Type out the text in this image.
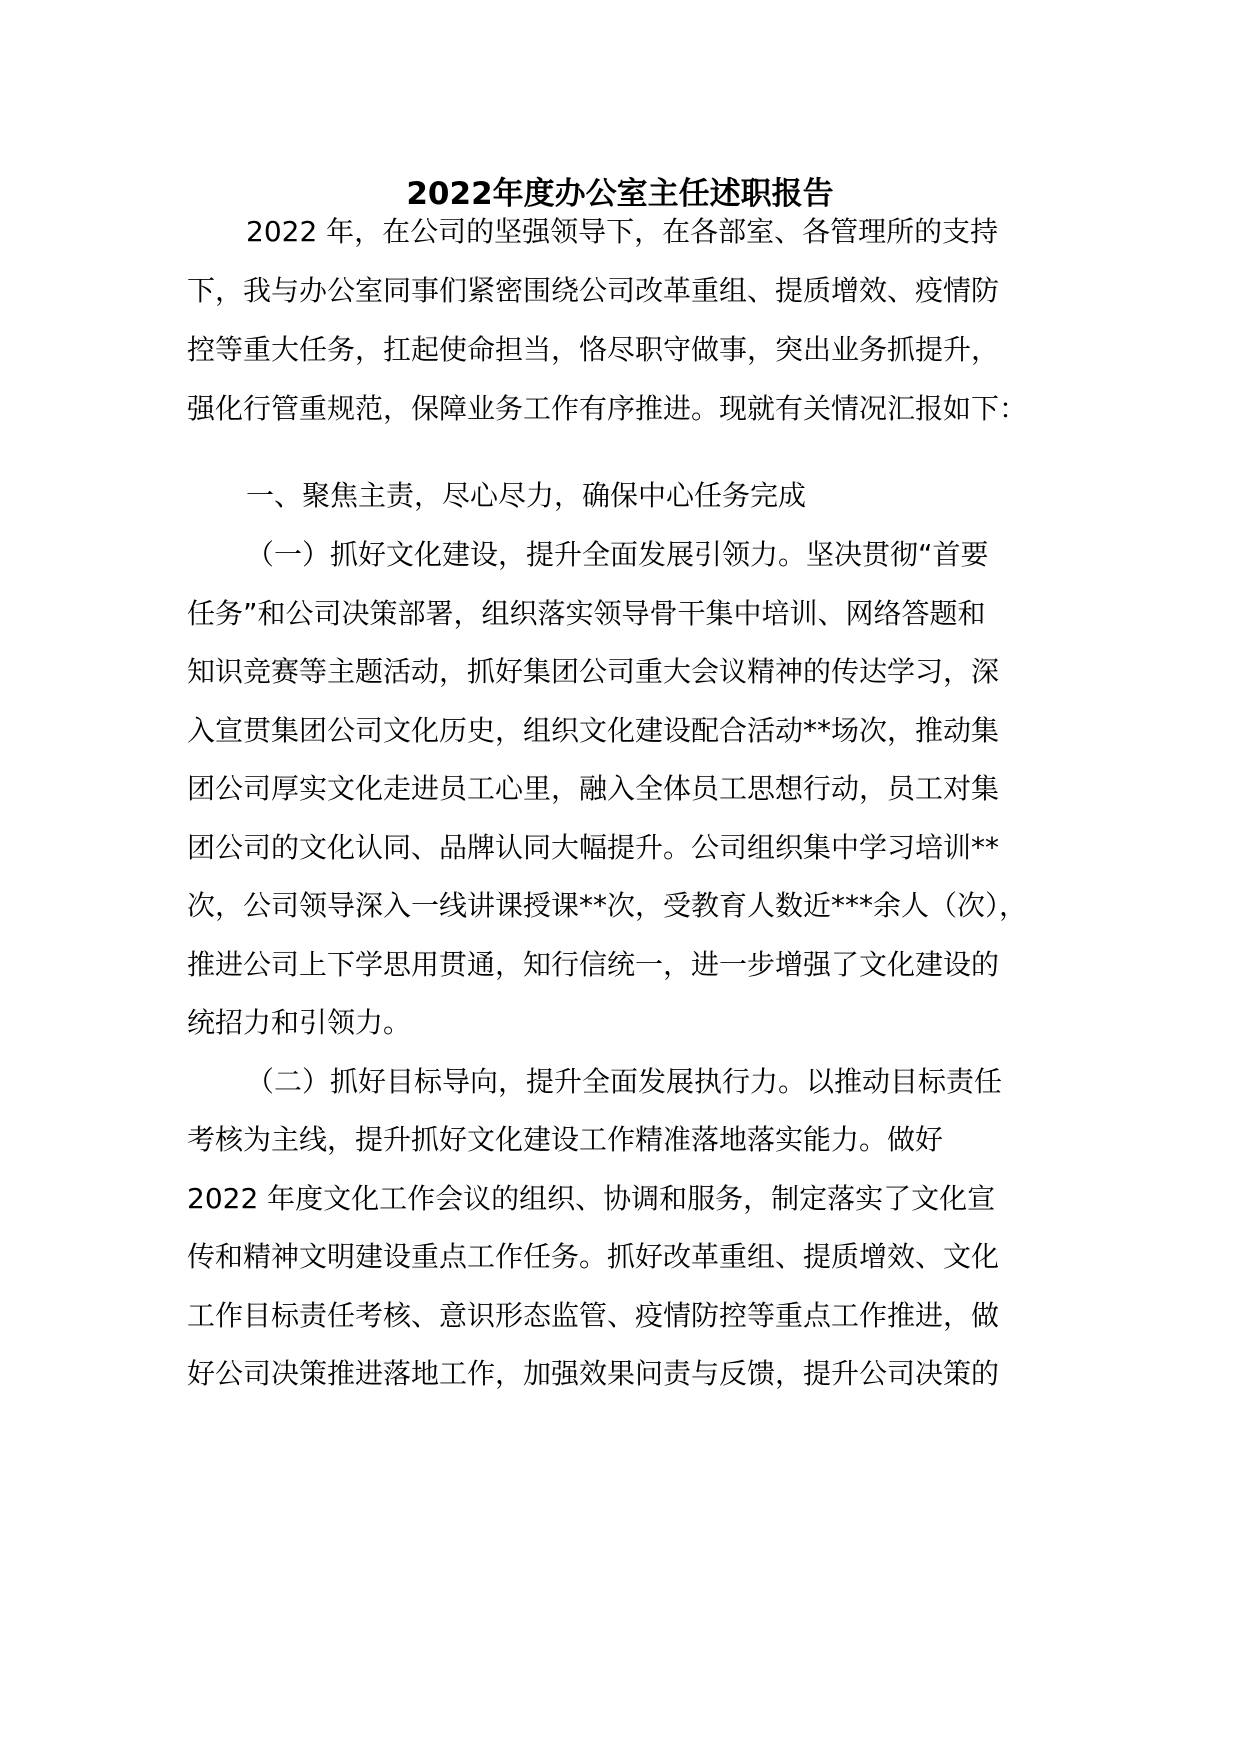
2022年度办公室主任述职报告

2022 年，在公司的坚强领导下，在各部室、各管理所的支持

下，我与办公室同事们紧密围绕公司改革重组、提质增效、疫情防

控等重大任务，扛起使命担当，恪尽职守做事，突出业务抓提升，

强化行管重规范，保障业务工作有序推进。现就有关情况汇报如下：

一、聚焦主责，尽心尽力，确保中心任务完成

（一）抓好文化建设，提升全面发展引领力。坚决贯彻“首要

任务”和公司决策部署，组织落实领导骨干集中培训、网络答题和

知识竞赛等主题活动，抓好集团公司重大会议精神的传达学习，深

入宣贯集团公司文化历史，组织文化建设配合活动**场次，推动集

团公司厚实文化走进员工心里，融入全体员工思想行动，员工对集

团公司的文化认同、品牌认同大幅提升。公司组织集中学习培训**

次，公司领导深入一线讲课授课**次，受教育人数近***余人（次），

推进公司上下学思用贯通，知行信统一，进一步增强了文化建设的

统招力和引领力。

（二）抓好目标导向，提升全面发展执行力。以推动目标责任

考核为主线，提升抓好文化建设工作精准落地落实能力。做好

2022 年度文化工作会议的组织、协调和服务，制定落实了文化宣

传和精神文明建设重点工作任务。抓好改革重组、提质增效、文化

工作目标责任考核、意识形态监管、疫情防控等重点工作推进，做

好公司决策推进落地工作，加强效果问责与反馈，提升公司决策的
